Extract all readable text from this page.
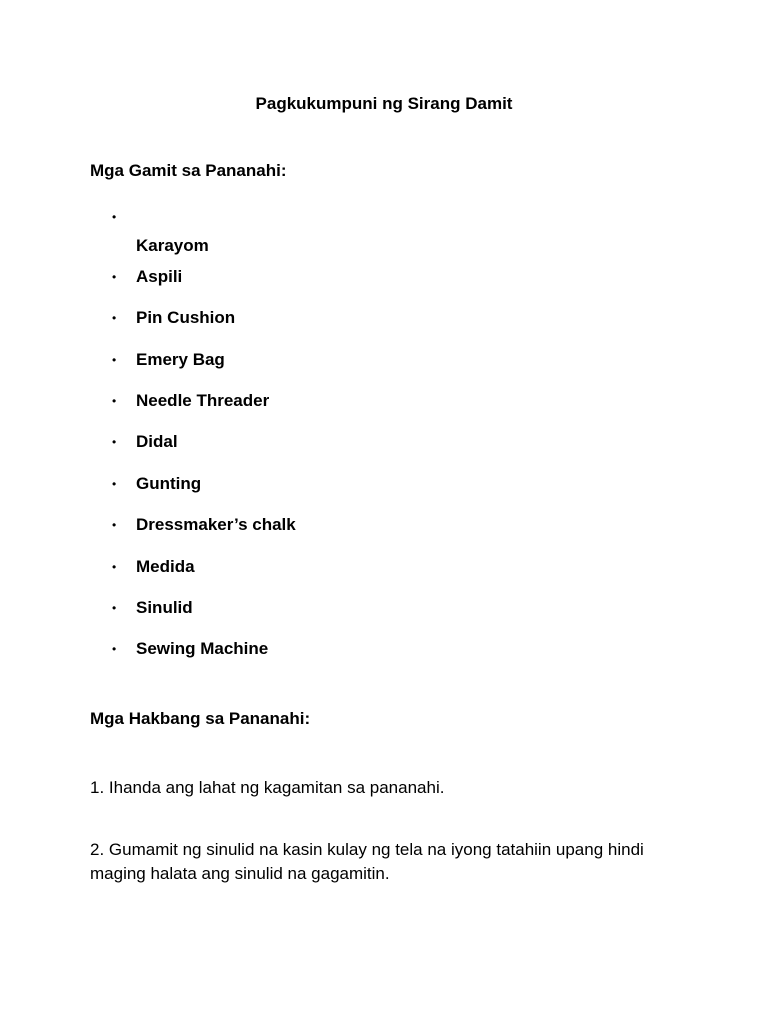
Pagkukumpuni ng Sirang Damit
Mga Gamit sa Pananahi:
•
Karayom
•	Aspili
•	Pin Cushion
•	Emery Bag
•	Needle Threader
•	Didal
•	Gunting
•	Dressmaker’s chalk
•	Medida
•	Sinulid
•	Sewing Machine
Mga Hakbang sa Pananahi:
1. Ihanda ang lahat ng kagamitan sa pananahi.
2. Gumamit ng sinulid na kasin kulay ng tela na iyong tatahiin upang hindi maging halata ang sinulid na gagamitin.
